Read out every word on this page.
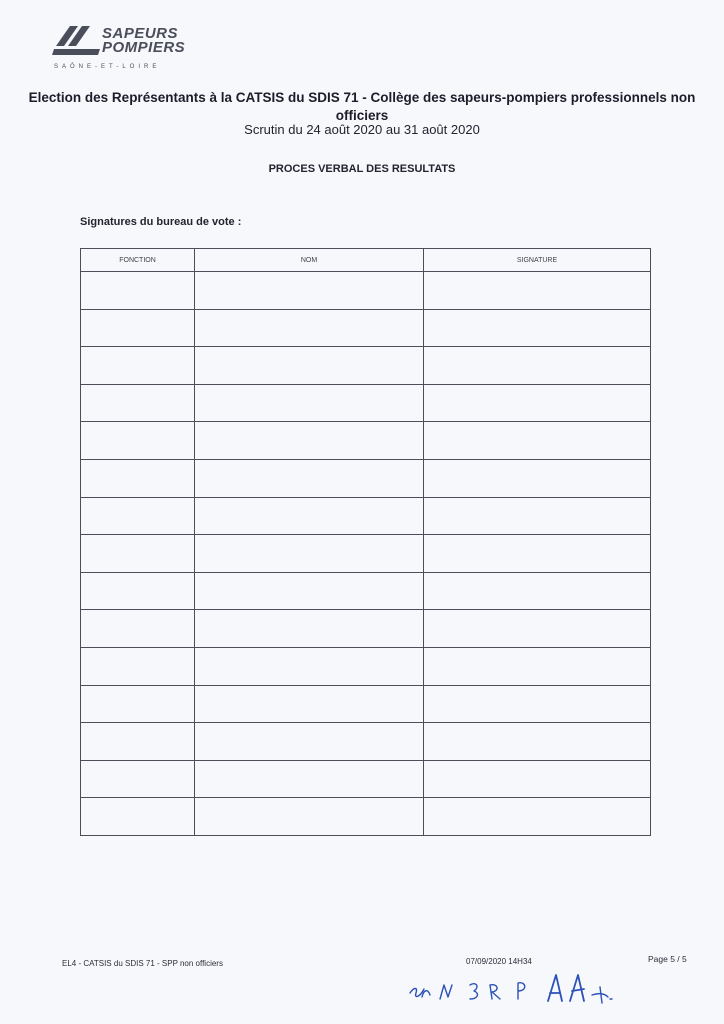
SAPEURS
POMPIERS
SAÔNE-ET-LOIRE
Election des Représentants à la CATSIS du SDIS 71 - Collège des sapeurs-pompiers professionnels non officiers
Scrutin du 24 août 2020 au 31 août 2020
PROCES VERBAL DES RESULTATS
Signatures du bureau de vote :
FONCTION	NOM	SIGNATURE

EL4 - CATSIS du SDIS 71 - SPP non officiers	07/09/2020 14H34	Page 5 / 5
